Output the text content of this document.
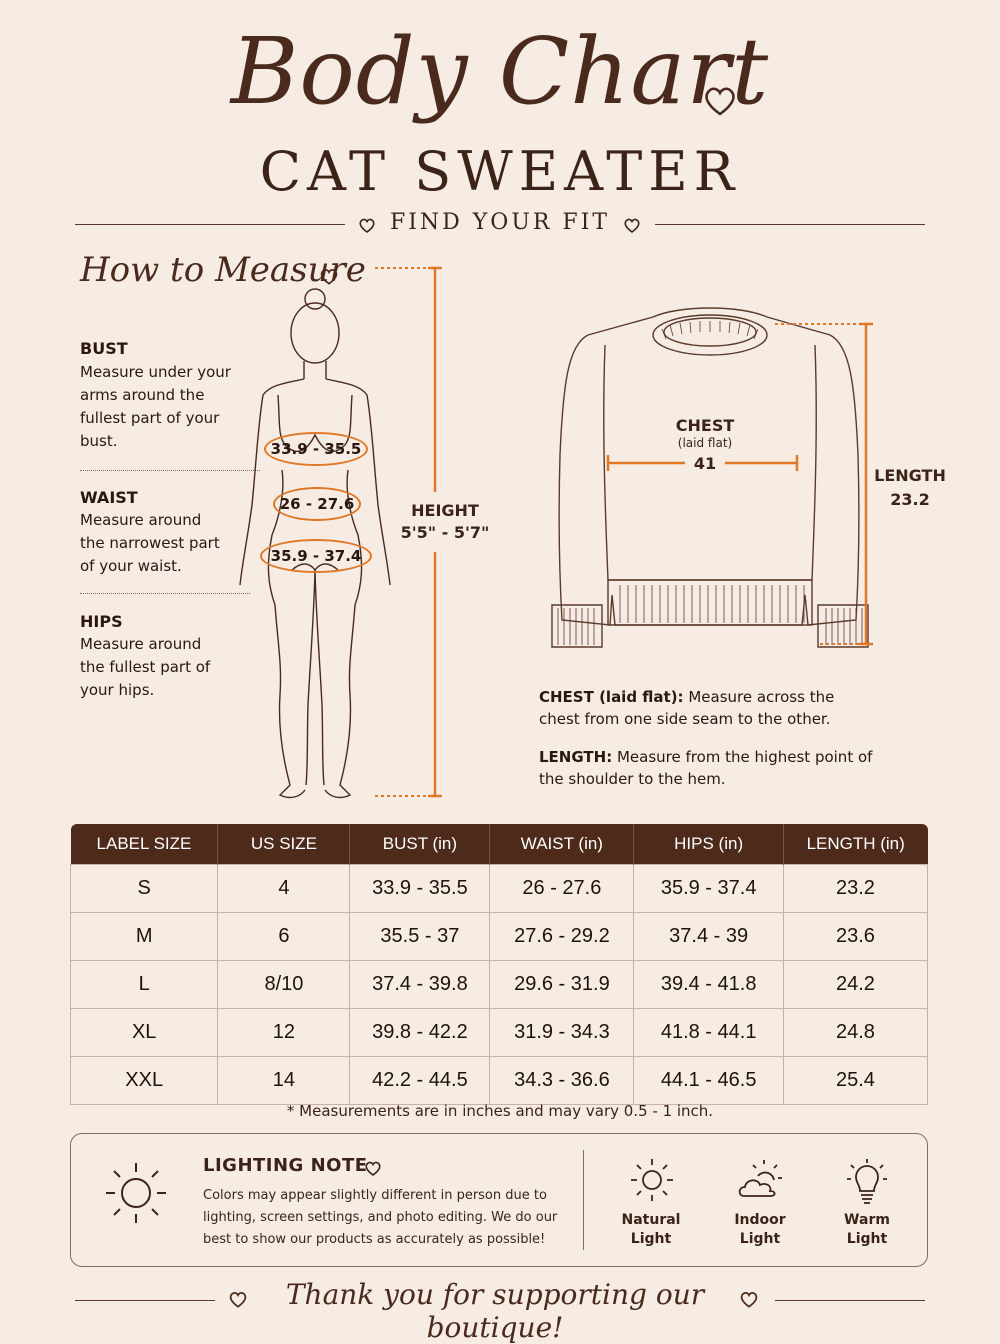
Body Chart
CAT SWEATER
FIND YOUR FIT
How to Measure
BUST
Measure under your arms around the fullest part of your bust.
WAIST
Measure around the narrowest part of your waist.
HIPS
Measure around the fullest part of your hips.
33.9 - 35.5
26 - 27.6
35.9 - 37.4
HEIGHT
5'5" - 5'7"
CHEST
(laid flat)
41
LENGTH
23.2
CHEST (laid flat): Measure across the chest from one side seam to the other.
LENGTH: Measure from the highest point of the shoulder to the hem.
LABEL SIZE	US SIZE	BUST (in)	WAIST (in)	HIPS (in)	LENGTH (in)
S	4	33.9 - 35.5	26 - 27.6	35.9 - 37.4	23.2
M	6	35.5 - 37	27.6 - 29.2	37.4 - 39	23.6
L	8/10	37.4 - 39.8	29.6 - 31.9	39.4 - 41.8	24.2
XL	12	39.8 - 42.2	31.9 - 34.3	41.8 - 44.1	24.8
XXL	14	42.2 - 44.5	34.3 - 36.6	44.1 - 46.5	25.4
* Measurements are in inches and may vary 0.5 - 1 inch.
LIGHTING NOTE
Colors may appear slightly different in person due to lighting, screen settings, and photo editing. We do our best to show our products as accurately as possible!
Natural
Light
Indoor
Light
Warm
Light
Thank you for supporting our boutique!
